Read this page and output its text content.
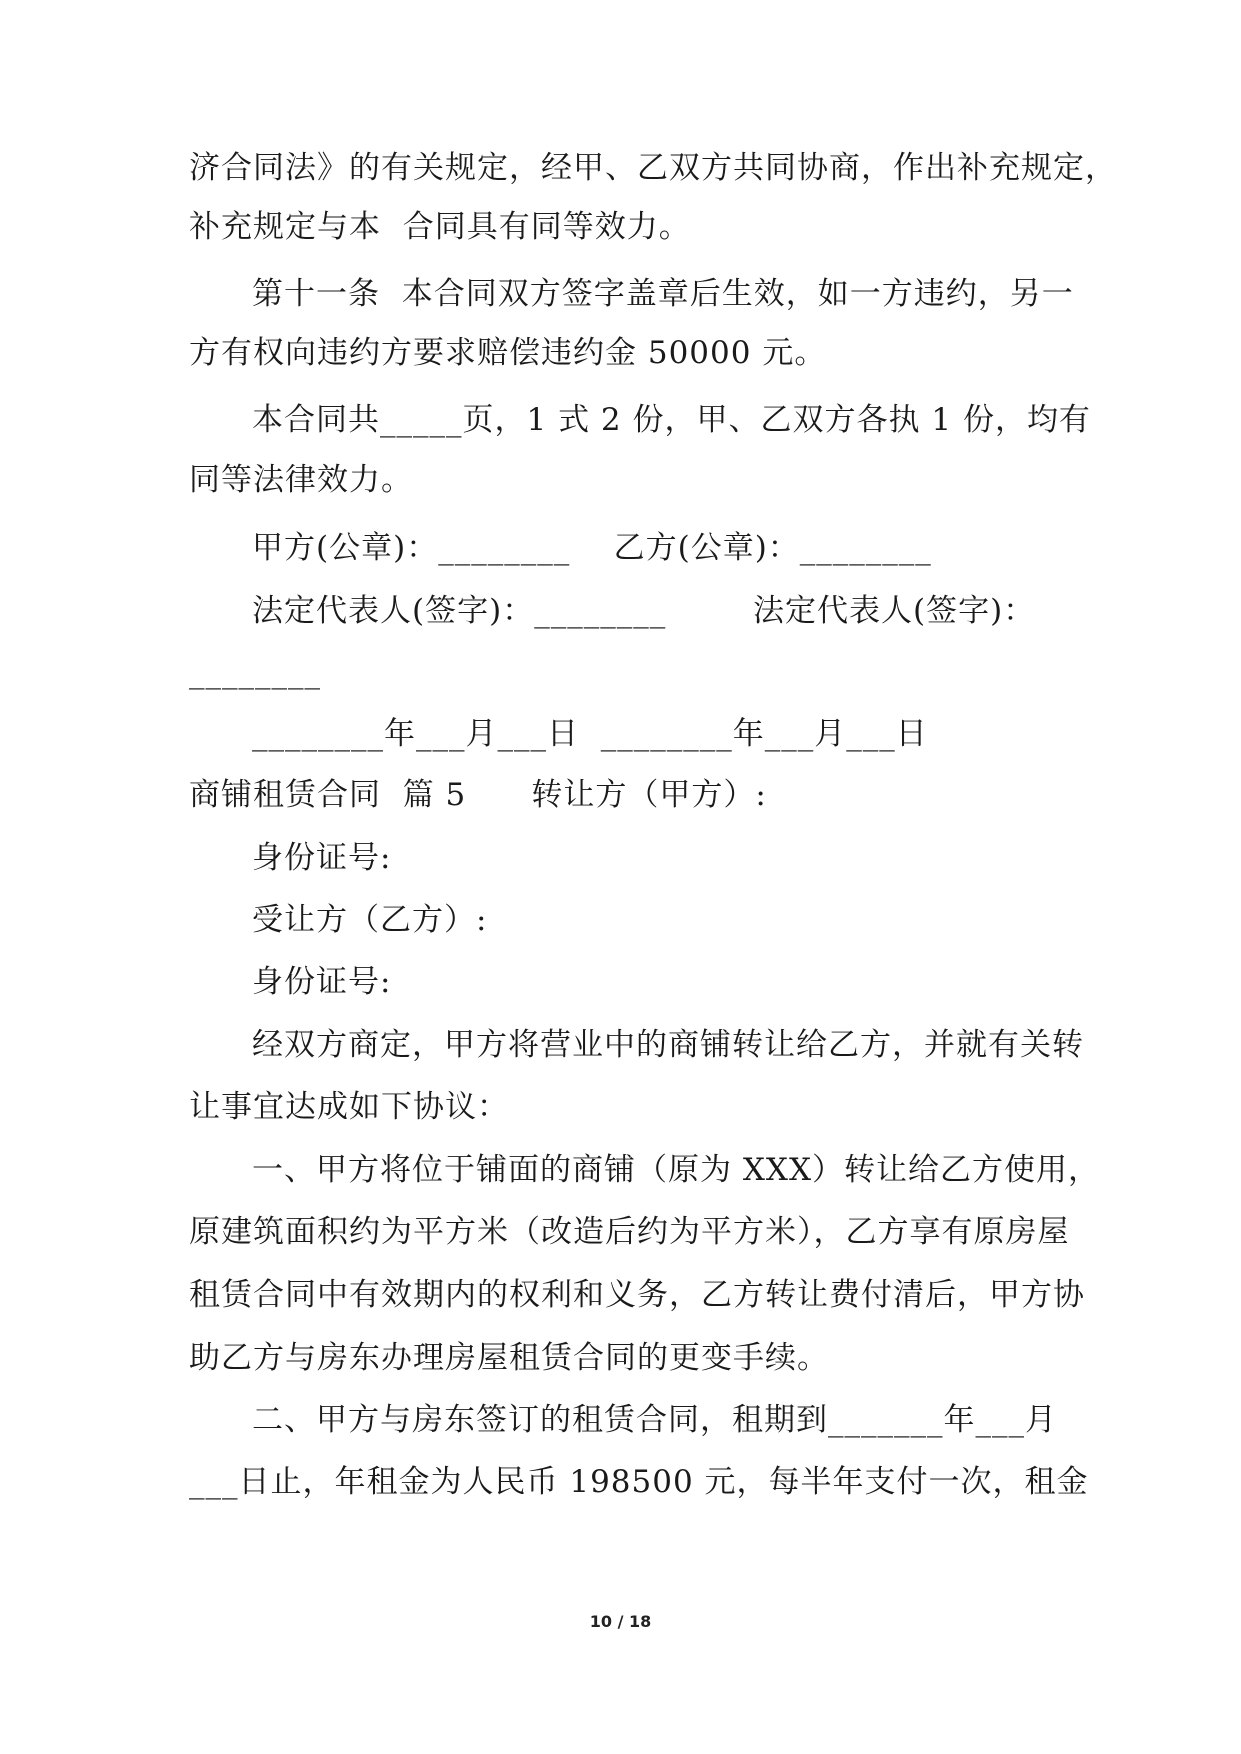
济合同法》的有关规定，经甲、乙双方共同协商，作出补充规定，
补充规定与本  合同具有同等效力。
第十一条  本合同双方签字盖章后生效，如一方违约，另一
方有权向违约方要求赔偿违约金 50000 元。
本合同共_____页，1 式 2 份，甲、乙双方各执 1 份，均有
同等法律效力。
甲方(公章)：________    乙方(公章)：________
法定代表人(签字)：________        法定代表人(签字)：
________
________年___月___日  ________年___月___日
商铺租赁合同  篇 5      转让方（甲方）:
身份证号:
受让方（乙方）:
身份证号:
经双方商定，甲方将营业中的商铺转让给乙方，并就有关转
让事宜达成如下协议：
一、甲方将位于铺面的商铺（原为 XXX）转让给乙方使用，
原建筑面积约为平方米（改造后约为平方米），乙方享有原房屋
租赁合同中有效期内的权利和义务，乙方转让费付清后，甲方协
助乙方与房东办理房屋租赁合同的更变手续。
二、甲方与房东签订的租赁合同，租期到_______年___月
___日止，年租金为人民币 198500 元，每半年支付一次，租金
10 / 18
